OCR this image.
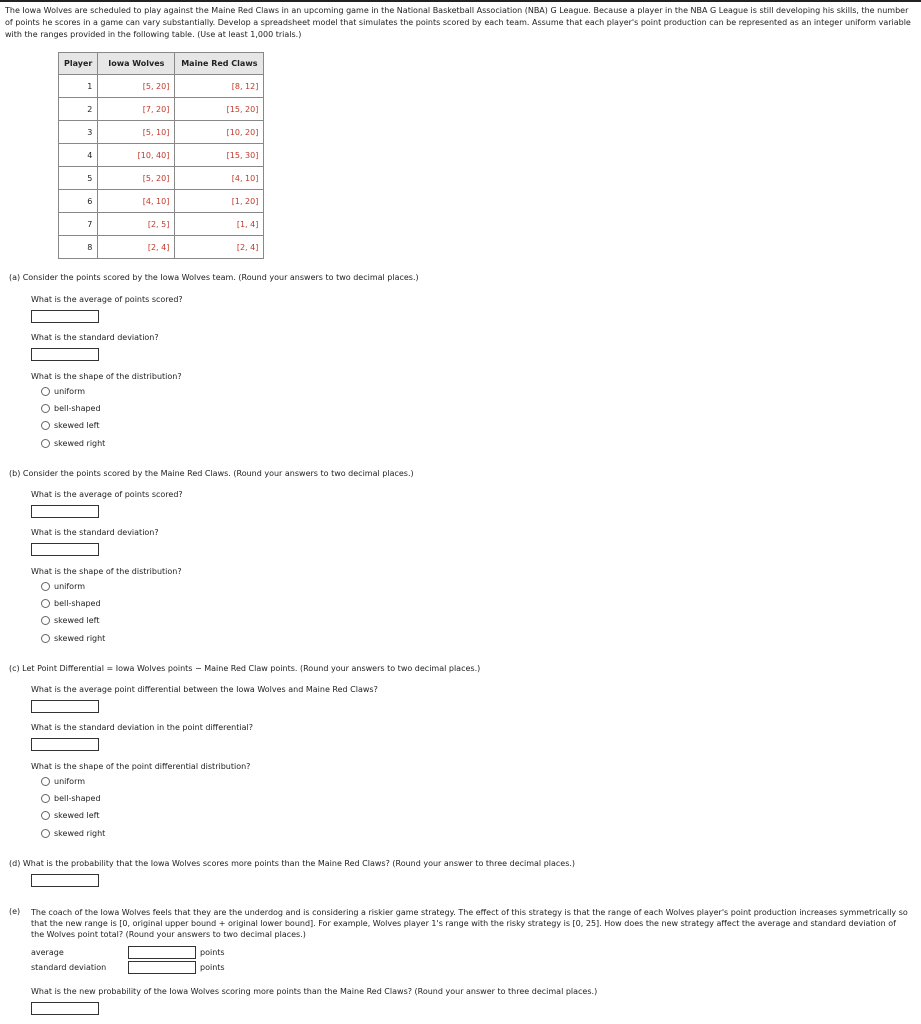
The Iowa Wolves are scheduled to play against the Maine Red Claws in an upcoming game in the National Basketball Association (NBA) G League. Because a player in the NBA G League is still developing his skills, the number of points he scores in a game can vary substantially. Develop a spreadsheet model that simulates the points scored by each team. Assume that each player's point production can be represented as an integer uniform variable with the ranges provided in the following table. (Use at least 1,000 trials.)
Player	Iowa Wolves	Maine Red Claws
1	[5, 20]	[8, 12]
2	[7, 20]	[15, 20]
3	[5, 10]	[10, 20]
4	[10, 40]	[15, 30]
5	[5, 20]	[4, 10]
6	[4, 10]	[1, 20]
7	[2, 5]	[1, 4]
8	[2, 4]	[2, 4]
(a) Consider the points scored by the Iowa Wolves team. (Round your answers to two decimal places.)
What is the average of points scored?
What is the standard deviation?
What is the shape of the distribution?
uniform
bell-shaped
skewed left
skewed right
(b) Consider the points scored by the Maine Red Claws. (Round your answers to two decimal places.)
What is the average of points scored?
What is the standard deviation?
What is the shape of the distribution?
uniform
bell-shaped
skewed left
skewed right
(c) Let Point Differential = Iowa Wolves points − Maine Red Claw points. (Round your answers to two decimal places.)
What is the average point differential between the Iowa Wolves and Maine Red Claws?
What is the standard deviation in the point differential?
What is the shape of the point differential distribution?
uniform
bell-shaped
skewed left
skewed right
(d) What is the probability that the Iowa Wolves scores more points than the Maine Red Claws? (Round your answer to three decimal places.)
(e) The coach of the Iowa Wolves feels that they are the underdog and is considering a riskier game strategy. The effect of this strategy is that the range of each Wolves player's point production increases symmetrically so that the new range is [0, original upper bound + original lower bound]. For example, Wolves player 1's range with the risky strategy is [0, 25]. How does the new strategy affect the average and standard deviation of the Wolves point total? (Round your answers to two decimal places.)
average	points
standard deviation	points
What is the new probability of the Iowa Wolves scoring more points than the Maine Red Claws? (Round your answer to three decimal places.)
